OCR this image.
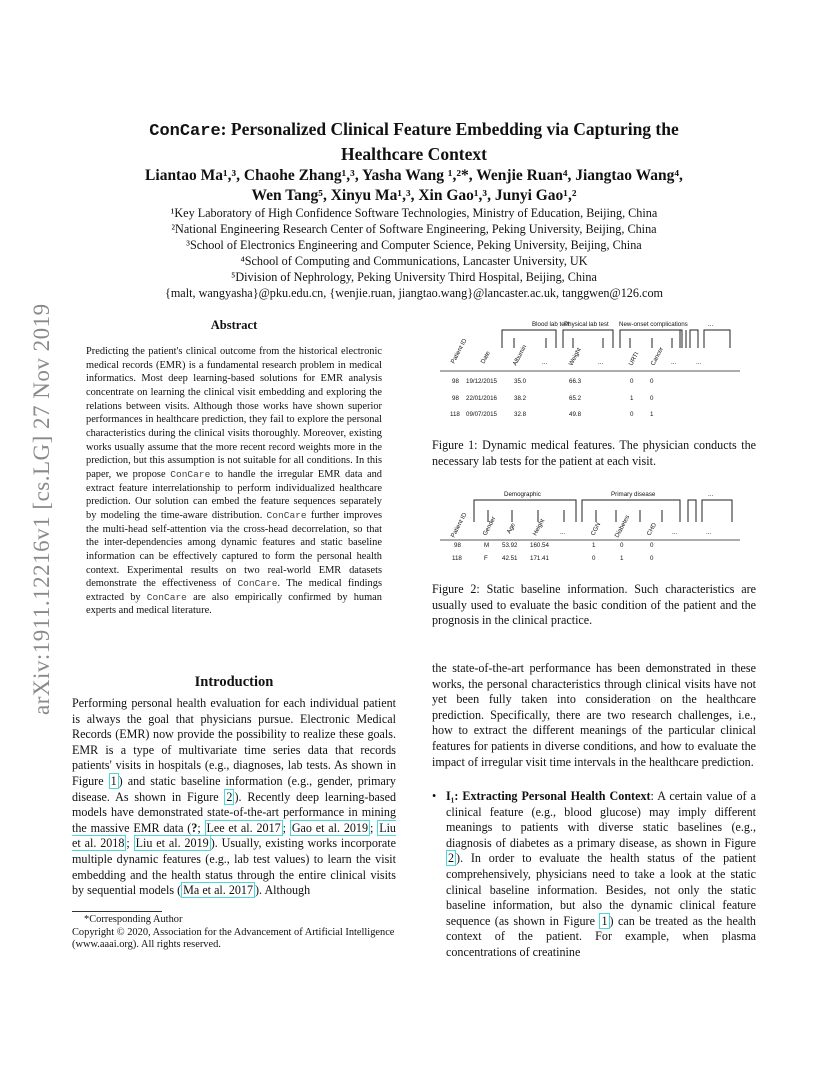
ConCare: Personalized Clinical Feature Embedding via Capturing the
Healthcare Context
Liantao Ma¹,³, Chaohe Zhang¹,³, Yasha Wang ¹,²*, Wenjie Ruan⁴, Jiangtao Wang⁴,
Wen Tang⁵, Xinyu Ma¹,³, Xin Gao¹,³, Junyi Gao¹,²
¹Key Laboratory of High Confidence Software Technologies, Ministry of Education, Beijing, China
²National Engineering Research Center of Software Engineering, Peking University, Beijing, China
³School of Electronics Engineering and Computer Science, Peking University, Beijing, China
⁴School of Computing and Communications, Lancaster University, UK
⁵Division of Nephrology, Peking University Third Hospital, Beijing, China
{malt, wangyasha}@pku.edu.cn, {wenjie.ruan, jiangtao.wang}@lancaster.ac.uk, tanggwen@126.com
arXiv:1911.12216v1 [cs.LG] 27 Nov 2019	Abstract
Predicting the patient's clinical outcome from the historical electronic medical records (EMR) is a fundamental research problem in medical informatics. Most deep learning-based solutions for EMR analysis concentrate on learning the clinical visit embedding and exploring the relations between visits. Although those works have shown superior performances in healthcare prediction, they fail to explore the personal characteristics during the clinical visits thoroughly. Moreover, existing works usually assume that the more recent record weights more in the prediction, but this assumption is not suitable for all conditions. In this paper, we propose ConCare to handle the irregular EMR data and extract feature interrelationship to perform individualized healthcare prediction. Our solution can embed the feature sequences separately by modeling the time-aware distribution. ConCare further improves the multi-head self-attention via the cross-head decorrelation, so that the inter-dependencies among dynamic features and static baseline information can be effectively captured to form the personal health context. Experimental results on two real-world EMR datasets demonstrate the effectiveness of ConCare. The medical findings extracted by ConCare are also empirically confirmed by human experts and medical literature.
Introduction
Performing personal health evaluation for each individual patient is always the goal that physicians pursue. Electronic Medical Records (EMR) now provide the possibility to realize these goals. EMR is a type of multivariate time series data that records patients' visits in hospitals (e.g., diagnoses, lab tests. As shown in Figure 1 ) and static baseline information (e.g., gender, primary disease. As shown in Figure 2 ). Recently deep learning-based models have demonstrated state-of-the-art performance in mining the massive EMR data (?; Lee et al. 2017 ; Gao et al. 2019 ; Liu et al. 2018 ; Liu et al. 2019 ). Usually, existing works incorporate multiple dynamic features (e.g., lab test values) to learn the visit embedding and the health status through the entire clinical visits by sequential models ( Ma et al. 2017 ). Although
*Corresponding Author
Copyright © 2020, Association for the Advancement of Artificial Intelligence (www.aaai.org). All rights reserved.
Blood lab test
Physical lab test New-onset complications	...
Patient ID Date	Albumin ...	Weight ...	URTI Cancer ...	...
98 19/12/2015	35.0	66.3	0	0
98 22/01/2016	38.2	65.2	1	0
118 09/07/2015	32.8	49.8	0	1
Figure 1: Dynamic medical features. The physician conducts the necessary lab tests for the patient at each visit.
Demographic	Primary disease	...
Patient ID Gender Age Height ...	CGN Diabetes CHD ...	...
98	M 53.92 160.54	1	0	0
118	F 42.51 171.41	0	1	0
Figure 2: Static baseline information. Such characteristics are usually used to evaluate the basic condition of the patient and the prognosis in the clinical practice.
the state-of-the-art performance has been demonstrated in these works, the personal characteristics through clinical visits have not yet been fully taken into consideration on the healthcare prediction. Specifically, there are two research challenges, i.e., how to extract the different meanings of the particular clinical features for patients in diverse conditions, and how to evaluate the impact of irregular visit time intervals in the healthcare prediction.
• I₁: Extracting Personal Health Context: A certain value of a clinical feature (e.g., blood glucose) may imply different meanings to patients with diverse static baselines (e.g., diagnosis of diabetes as a primary disease, as shown in Figure 2 ). In order to evaluate the health status of the patient comprehensively, physicians need to take a look at the static clinical baseline information. Besides, not only the static baseline information, but also the dynamic clinical feature sequence (as shown in Figure 1 ) can be treated as the health context of the patient. For example, when plasma concentrations of creatinine
